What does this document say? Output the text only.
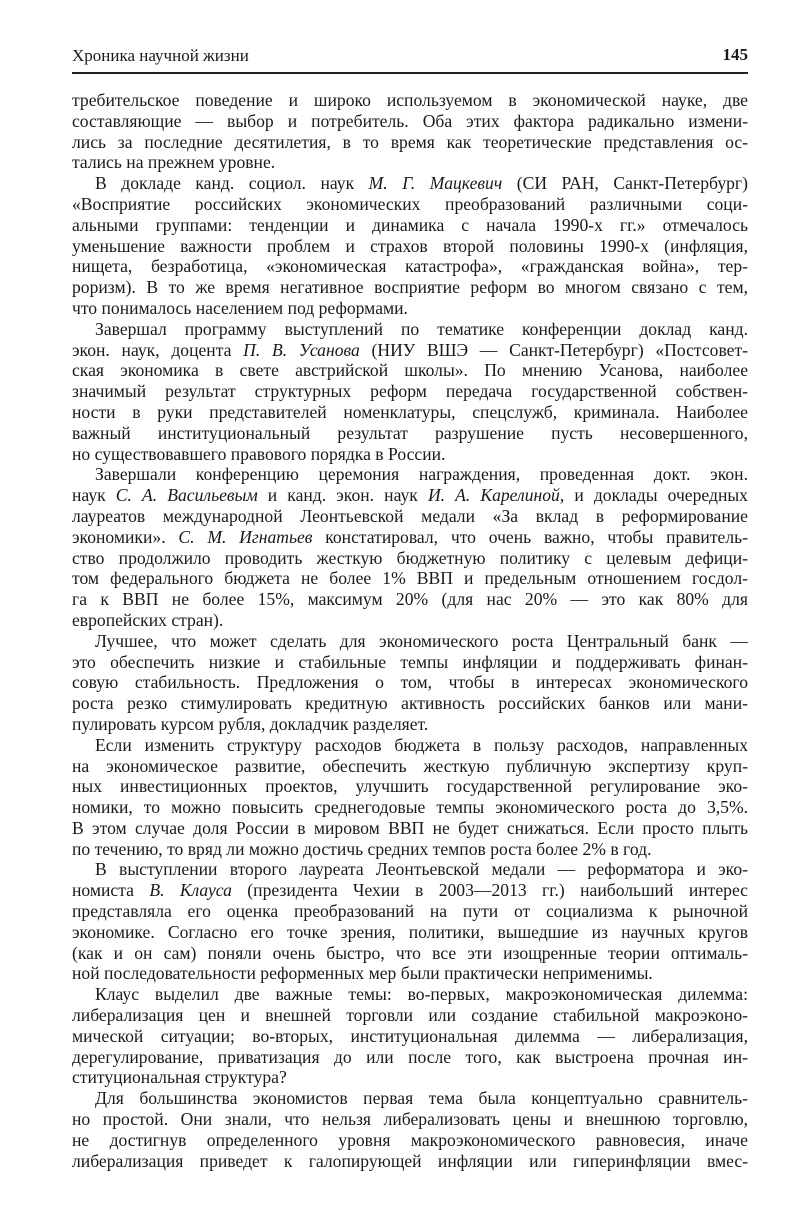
Хроника научной жизни	145
требительское поведение и широко используемом в экономической науке, две
составляющие — выбор и потребитель. Оба этих фактора радикально измени-
лись за последние десятилетия, в то время как теоретические представления ос-
тались на прежнем уровне.
В докладе канд. социол. наук М. Г. Мацкевич (СИ РАН, Санкт-Петербург)
«Восприятие российских экономических преобразований различными соци-
альными группами: тенденции и динамика с начала 1990-х гг.» отмечалось
уменьшение важности проблем и страхов второй половины 1990-х (инфляция,
нищета, безработица, «экономическая катастрофа», «гражданская война», тер-
роризм). В то же время негативное восприятие реформ во многом связано с тем,
что понималось населением под реформами.
Завершал программу выступлений по тематике конференции доклад канд.
экон. наук, доцента П. В. Усанова (НИУ ВШЭ — Санкт-Петербург) «Постсовет-
ская экономика в свете австрийской школы». По мнению Усанова, наиболее
значимый результат структурных реформ передача государственной собствен-
ности в руки представителей номенклатуры, спецслужб, криминала. Наиболее
важный институциональный результат разрушение пусть несовершенного,
но существовавшего правового порядка в России.
Завершали конференцию церемония награждения, проведенная докт. экон.
наук С. А. Васильевым и канд. экон. наук И. А. Карелиной, и доклады очередных
лауреатов международной Леонтьевской медали «За вклад в реформирование
экономики». С. М. Игнатьев констатировал, что очень важно, чтобы правитель-
ство продолжило проводить жесткую бюджетную политику с целевым дефици-
том федерального бюджета не более 1% ВВП и предельным отношением госдол-
га к ВВП не более 15%, максимум 20% (для нас 20% — это как 80% для
европейских стран).
Лучшее, что может сделать для экономического роста Центральный банк —
это обеспечить низкие и стабильные темпы инфляции и поддерживать финан-
совую стабильность. Предложения о том, чтобы в интересах экономического
роста резко стимулировать кредитную активность российских банков или мани-
пулировать курсом рубля, докладчик разделяет.
Если изменить структуру расходов бюджета в пользу расходов, направленных
на экономическое развитие, обеспечить жесткую публичную экспертизу круп-
ных инвестиционных проектов, улучшить государственной регулирование эко-
номики, то можно повысить среднегодовые темпы экономического роста до 3,5%.
В этом случае доля России в мировом ВВП не будет снижаться. Если просто плыть
по течению, то вряд ли можно достичь средних темпов роста более 2% в год.
В выступлении второго лауреата Леонтьевской медали — реформатора и эко-
номиста В. Клауса (президента Чехии в 2003—2013 гг.) наибольший интерес
представляла его оценка преобразований на пути от социализма к рыночной
экономике. Согласно его точке зрения, политики, вышедшие из научных кругов
(как и он сам) поняли очень быстро, что все эти изощренные теории оптималь-
ной последовательности реформенных мер были практически неприменимы.
Клаус выделил две важные темы: во-первых, макроэкономическая дилемма:
либерализация цен и внешней торговли или создание стабильной макроэконо-
мической ситуации; во-вторых, институциональная дилемма — либерализация,
дерегулирование, приватизация до или после того, как выстроена прочная ин-
ституциональная структура?
Для большинства экономистов первая тема была концептуально сравнитель-
но простой. Они знали, что нельзя либерализовать цены и внешнюю торговлю,
не достигнув определенного уровня макроэкономического равновесия, иначе
либерализация приведет к галопирующей инфляции или гиперинфляции вмес-
